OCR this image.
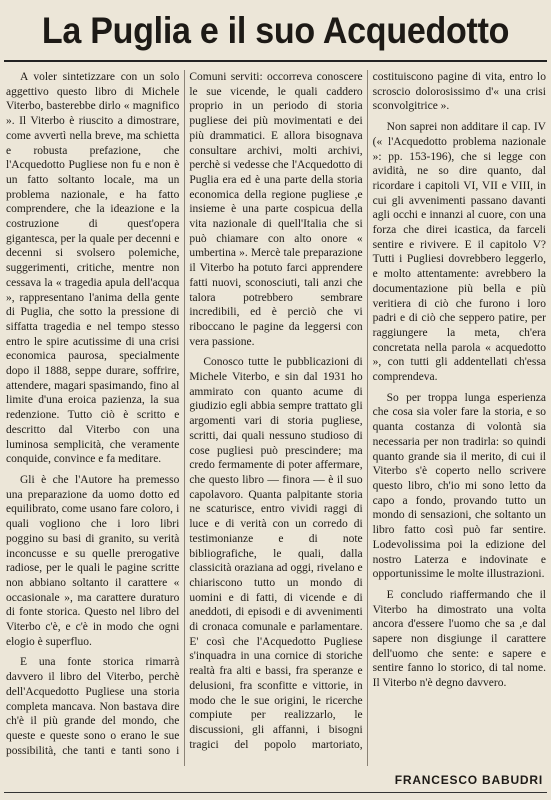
La Puglia e il suo Acquedotto

A voler sintetizzare con un solo aggettivo questo libro di Michele Viterbo, basterebbe dirlo « magnifico ». Il Viterbo è riuscito a dimostrare, come avvertì nella breve, ma schietta e robusta prefazione, che l'Acquedotto Pugliese non fu e non è un fatto soltanto locale, ma un problema nazionale, e ha fatto comprendere, che la ideazione e la costruzione di quest'opera gigantesca, per la quale per decenni e decenni si svolsero polemiche, suggerimenti, critiche, mentre non cessava la « tragedia apula dell'acqua », rappresentano l'anima della gente di Puglia, che sotto la pressione di siffatta tragedia e nel tempo stesso entro le spire acutissime di una crisi economica paurosa, specialmente dopo il 1888, seppe durare, soffrire, attendere, magari spasimando, fino al limite d'una eroica pazienza, la sua redenzione. Tutto ciò è scritto e descritto dal Viterbo con una luminosa semplicità, che veramente conquide, convince e fa meditare.

Gli è che l'Autore ha premesso una preparazione da uomo dotto ed equilibrato, come usano fare coloro, i quali vogliono che i loro libri poggino su basi di granito, su verità inconcusse e su quelle prerogative radiose, per le quali le pagine scritte non abbiano soltanto il carattere « occasionale », ma carattere duraturo di fonte storica. Questo nel libro del Viterbo c'è, e c'è in modo che ogni elogio è superfluo.

E una fonte storica rimarrà davvero il libro del Viterbo, perchè dell'Acquedotto Pugliese una storia completa mancava. Non bastava dire ch'è il più grande del mondo, che queste e queste sono o erano le sue possibilità, che tanti e tanti sono i Comuni serviti: occorreva conoscere le sue vicende, le quali caddero proprio in un periodo di storia pugliese dei più movimentati e dei più drammatici. E allora bisognava consultare archivi, molti archivi, perchè si vedesse che l'Acquedotto di Puglia era ed è una parte della storia economica della regione pugliese ,e insieme è una parte cospicua della vita nazionale di quell'Italia che si può chiamare con alto onore « umbertina ». Mercè tale preparazione il Viterbo ha potuto farci apprendere fatti nuovi, sconosciuti, tali anzi che talora potrebbero sembrare incredibili, ed è perciò che vi riboccano le pagine da leggersi con vera passione.

Conosco tutte le pubblicazioni di Michele Viterbo, e sin dal 1931 ho ammirato con quanto acume di giudizio egli abbia sempre trattato gli argomenti vari di storia pugliese, scritti, dai quali nessuno studioso di cose pugliesi può prescindere; ma credo fermamente di poter affermare, che questo libro — finora — è il suo capolavoro. Quanta palpitante storia ne scaturisce, entro vividi raggi di luce e di verità con un corredo di testimonianze e di note bibliografiche, le quali, dalla classicità oraziana ad oggi, rivelano e chiariscono tutto un mondo di uomini e di fatti, di vicende e di aneddoti, di episodi e di avvenimenti di cronaca comunale e parlamentare. E' così che l'Acquedotto Pugliese s'inquadra in una cornice di storiche realtà fra alti e bassi, fra speranze e delusioni, fra sconfitte e vittorie, in modo che le sue origini, le ricerche compiute per realizzarlo, le discussioni, gli affanni, i bisogni tragici del popolo martoriato, costituiscono pagine di vita, entro lo scroscio dolorosissimo d'« una crisi sconvolgitrice ».

Non saprei non additare il cap. IV (« l'Acquedotto problema nazionale »: pp. 153-196), che si legge con avidità, ne so dire quanto, dal ricordare i capitoli VI, VII e VIII, in cui gli avvenimenti passano davanti agli occhi e innanzi al cuore, con una forza che direi icastica, da farceli sentire e rivivere. E il capitolo V? Tutti i Pugliesi dovrebbero leggerlo, e molto attentamente: avrebbero la documentazione più bella e più veritiera di ciò che furono i loro padri e di ciò che seppero patire, per raggiungere la meta, ch'era concretata nella parola « acquedotto », con tutti gli addentellati ch'essa comprendeva.

So per troppa lunga esperienza che cosa sia voler fare la storia, e so quanta costanza di volontà sia necessaria per non tradirla: so quindi quanto grande sia il merito, di cui il Viterbo s'è coperto nello scrivere questo libro, ch'io mi sono letto da capo a fondo, provando tutto un mondo di sensazioni, che soltanto un libro fatto così può far sentire. Lodevolissima poi la edizione del nostro Laterza e indovinate e opportunissime le molte illustrazioni.

E concludo riaffermando che il Viterbo ha dimostrato una volta ancora d'essere l'uomo che sa ,e dal sapere non disgiunge il carattere dell'uomo che sente: e sapere e sentire fanno lo storico, di tal nome. Il Viterbo n'è degno davvero.

FRANCESCO BABUDRI
